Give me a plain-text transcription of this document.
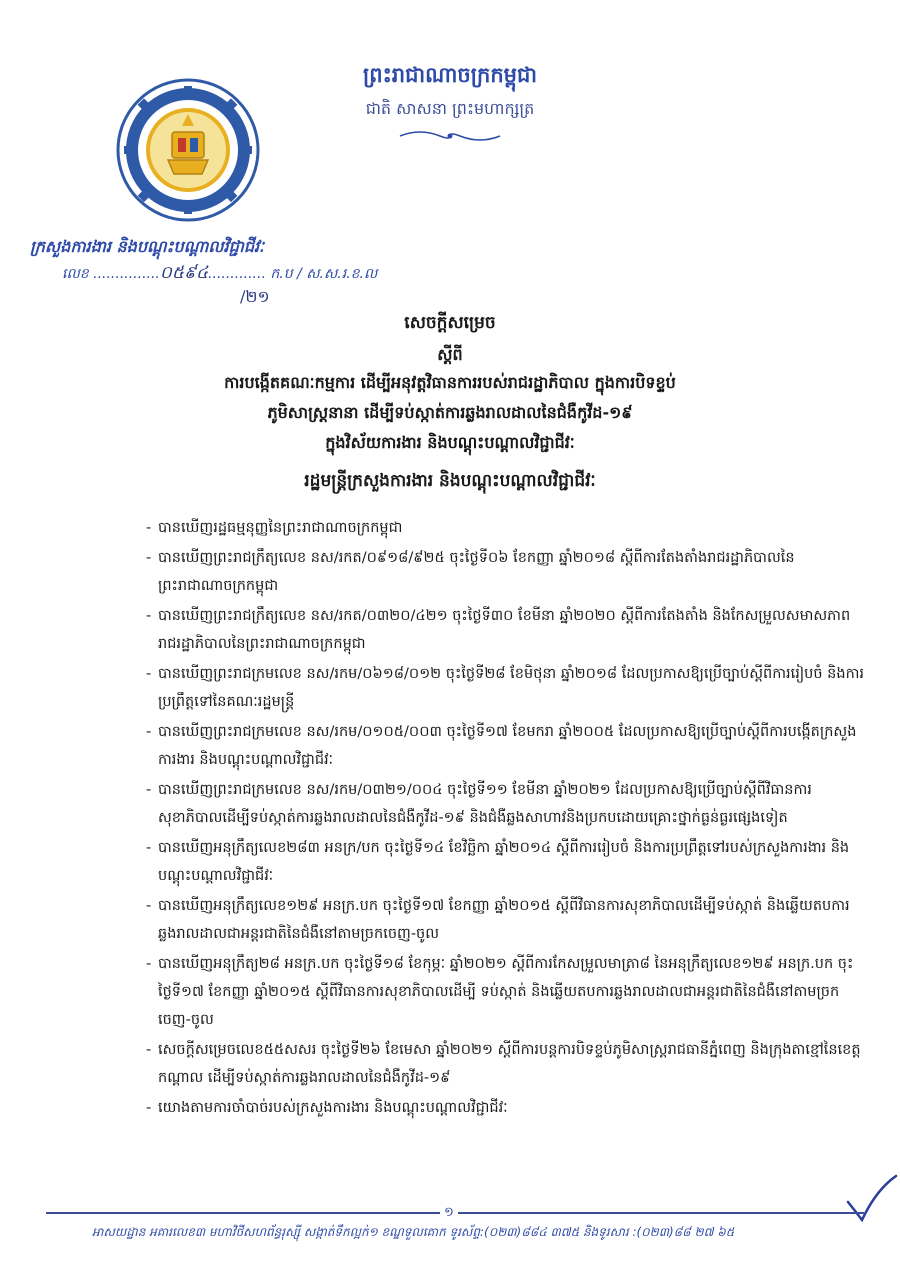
ព្រះរាជាណាចក្រកម្ពុជា
ជាតិ សាសនា ព្រះមហាក្សត្រ
ក្រសួងការងារ និងបណ្តុះបណ្តាលវិជ្ជាជីវៈ
លេខ ...............០៥៩៤............. ក.ប / ស.ស.រ.ខ.ល
/២១
សេចក្តីសម្រេច
ស្តីពី
ការបង្កើតគណៈកម្មការ ដើម្បីអនុវត្តវិធានការរបស់រាជរដ្ឋាភិបាល ក្នុងការបិទខ្ទប់
ភូមិសាស្ត្រនានា ដើម្បីទប់ស្កាត់ការឆ្លងរាលដាលនៃជំងឺកូវីដ-១៩
ក្នុងវិស័យការងារ និងបណ្តុះបណ្តាលវិជ្ជាជីវៈ
រដ្ឋមន្ត្រីក្រសួងការងារ និងបណ្តុះបណ្តាលវិជ្ជាជីវៈ
- បានឃើញរដ្ឋធម្មនុញ្ញនៃព្រះរាជាណាចក្រកម្ពុជា
- បានឃើញព្រះរាជក្រឹត្យលេខ នស/រកត/០៩១៨/៩២៥ ចុះថ្ងៃទី០៦ ខែកញ្ញា ឆ្នាំ២០១៨ ស្តីពីការតែងតាំងរាជរដ្ឋាភិបាលនៃព្រះរាជាណាចក្រកម្ពុជា
- បានឃើញព្រះរាជក្រឹត្យលេខ នស/រកត/០៣២០/៤២១ ចុះថ្ងៃទី៣០ ខែមីនា ឆ្នាំ២០២០ ស្តីពីការតែងតាំង និងកែសម្រួលសមាសភាពរាជរដ្ឋាភិបាលនៃព្រះរាជាណាចក្រកម្ពុជា
- បានឃើញព្រះរាជក្រមលេខ នស/រកម/០៦១៨/០១២ ចុះថ្ងៃទី២៨ ខែមិថុនា ឆ្នាំ២០១៨ ដែលប្រកាសឱ្យប្រើច្បាប់ស្តីពីការរៀបចំ និងការប្រព្រឹត្តទៅនៃគណៈរដ្ឋមន្ត្រី
- បានឃើញព្រះរាជក្រមលេខ នស/រកម/០១០៥/០០៣ ចុះថ្ងៃទី១៧ ខែមករា ឆ្នាំ២០០៥ ដែលប្រកាសឱ្យប្រើច្បាប់ស្តីពីការបង្កើតក្រសួងការងារ និងបណ្តុះបណ្តាលវិជ្ជាជីវៈ
- បានឃើញព្រះរាជក្រមលេខ នស/រកម/០៣២១/០០៤ ចុះថ្ងៃទី១១ ខែមីនា ឆ្នាំ២០២១ ដែលប្រកាសឱ្យប្រើច្បាប់ស្តីពីវិធានការសុខាភិបាលដើម្បីទប់ស្កាត់ការឆ្លងរាលដាលនៃជំងឺកូវីដ-១៩ និងជំងឺឆ្លងសាហាវនិងប្រកបដោយគ្រោះថ្នាក់ធ្ងន់ធ្ងរផ្សេងទៀត
- បានឃើញអនុក្រឹត្យលេខ២៨៣ អនក្រ/បក ចុះថ្ងៃទី១៤ ខែវិច្ឆិកា ឆ្នាំ២០១៤ ស្តីពីការរៀបចំ និងការប្រព្រឹត្តទៅរបស់ក្រសួងការងារ និងបណ្តុះបណ្តាលវិជ្ជាជីវៈ
- បានឃើញអនុក្រឹត្យលេខ១២៩ អនក្រ.បក ចុះថ្ងៃទី១៧ ខែកញ្ញា ឆ្នាំ២០១៥ ស្តីពីវិធានការសុខាភិបាលដើម្បីទប់ស្កាត់ និងឆ្លើយតបការឆ្លងរាលដាលជាអន្តរជាតិនៃជំងឺនៅតាមច្រកចេញ-ចូល
- បានឃើញអនុក្រឹត្យ២៨ អនក្រ.បក ចុះថ្ងៃទី១៨ ខែកុម្ភៈ ឆ្នាំ២០២១ ស្តីពីការកែសម្រួលមាត្រា៨ នៃអនុក្រឹត្យលេខ១២៩ អនក្រ.បក ចុះថ្ងៃទី១៧ ខែកញ្ញា ឆ្នាំ២០១៥ ស្តីពីវិធានការសុខាភិបាលដើម្បី ទប់ស្កាត់ និងឆ្លើយតបការឆ្លងរាលដាលជាអន្តរជាតិនៃជំងឺនៅតាមច្រកចេញ-ចូល
- សេចក្តីសម្រេចលេខ៥៥សសរ ចុះថ្ងៃទី២៦ ខែមេសា ឆ្នាំ២០២១ ស្តីពីការបន្តការបិទខ្ទប់ភូមិសាស្ត្ររាជធានីភ្នំពេញ និងក្រុងតាខ្មៅនៃខេត្តកណ្តាល ដើម្បីទប់ស្កាត់ការឆ្លងរាលដាលនៃជំងឺកូវីដ-១៩
- យោងតាមការចាំបាច់របស់ក្រសួងការងារ និងបណ្តុះបណ្តាលវិជ្ជាជីវៈ
១
អាសយដ្ឋាន អគារលេខ៣ មហាវិថីសហព័ន្ធរុស្ស៊ី សង្កាត់ទឹកល្អក់១ ខណ្ឌទួលគោក ទូរស័ព្ទ:(០២៣)៨៨៤ ៣៧៥ និងទូរសារ :(០២៣)៨៨ ២៧ ៦៥
